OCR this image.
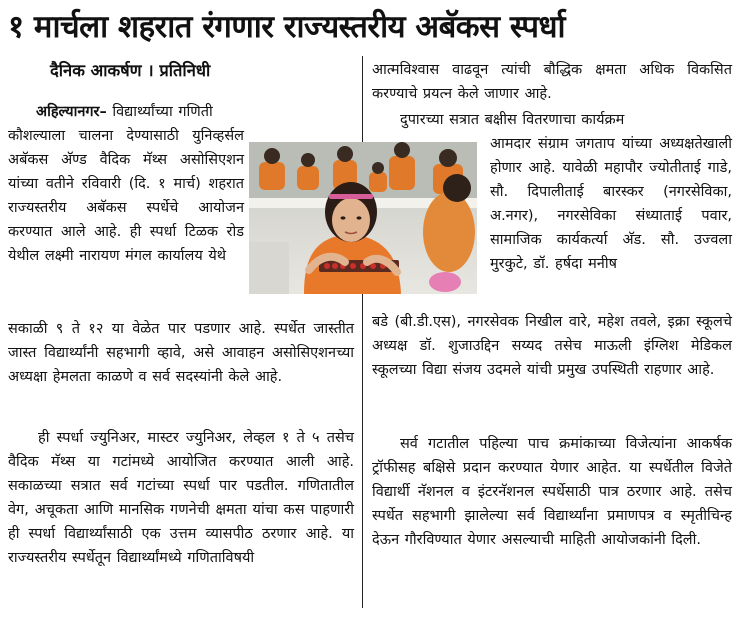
१ मार्चला शहरात रंगणार राज्यस्तरीय अबॅकस स्पर्धा
दैनिक आकर्षण । प्रतिनिधी
अहिल्यानगर– विद्यार्थ्यांच्या गणिती
कौशल्याला चालना देण्यासाठी युनिव्हर्सल अबॅकस अ‍ॅण्ड वैदिक मॅथ्स असोसिएशन यांच्या वतीने रविवारी (दि. १ मार्च) शहरात राज्यस्तरीय अबॅकस स्पर्धेचे आयोजन करण्यात आले आहे. ही स्पर्धा टिळक रोड येथील लक्ष्मी नारायण मंगल कार्यालय येथे
सकाळी ९ ते १२ या वेळेत पार पडणार आहे. स्पर्धेत जास्तीत जास्त विद्यार्थ्यांनी सहभागी व्हावे, असे आवाहन असोसिएशनच्या अध्यक्षा हेमलता काळणे व सर्व सदस्यांनी केले आहे.
ही स्पर्धा ज्युनिअर, मास्टर ज्युनिअर, लेव्हल १ ते ५ तसेच वैदिक मॅथ्स या गटांमध्ये आयोजित करण्यात आली आहे. सकाळच्या सत्रात सर्व गटांच्या स्पर्धा पार पडतील. गणितातील वेग, अचूकता आणि मानसिक गणनेची क्षमता यांचा कस पाहणारी ही स्पर्धा विद्यार्थ्यांसाठी एक उत्तम व्यासपीठ ठरणार आहे. या राज्यस्तरीय स्पर्धेतून विद्यार्थ्यांमध्ये गणिताविषयी
आत्मविश्वास वाढवून त्यांची बौद्धिक क्षमता अधिक विकसित करण्याचे प्रयत्न केले जाणार आहे.
दुपारच्या सत्रात बक्षीस वितरणाचा कार्यक्रम
आमदार संग्राम जगताप यांच्या अध्यक्षतेखाली होणार आहे. यावेळी महापौर ज्योतीताई गाडे, सौ. दिपालीताई बारस्कर (नगरसेविका, अ.नगर), नगरसेविका संध्याताई पवार, सामाजिक कार्यकर्त्या अ‍ॅड. सौ. उज्वला मुरकुटे, डॉ. हर्षदा मनीष
बडे (बी.डी.एस), नगरसेवक निखील वारे, महेश तवले, इक्रा स्कूलचे अध्यक्ष डॉ. शुजाउद्दिन सय्यद तसेच माऊली इंग्लिश मेडिकल स्कूलच्या विद्या संजय उदमले यांची प्रमुख उपस्थिती राहणार आहे.
सर्व गटातील पहिल्या पाच क्रमांकाच्या विजेत्यांना आकर्षक ट्रॉफीसह बक्षिसे प्रदान करण्यात येणार आहेत. या स्पर्धेतील विजेते विद्यार्थी नॅशनल व इंटरनॅशनल स्पर्धेसाठी पात्र ठरणार आहे. तसेच स्पर्धेत सहभागी झालेल्या सर्व विद्यार्थ्यांना प्रमाणपत्र व स्मृतीचिन्ह देऊन गौरविण्यात येणार असल्याची माहिती आयोजकांनी दिली.
